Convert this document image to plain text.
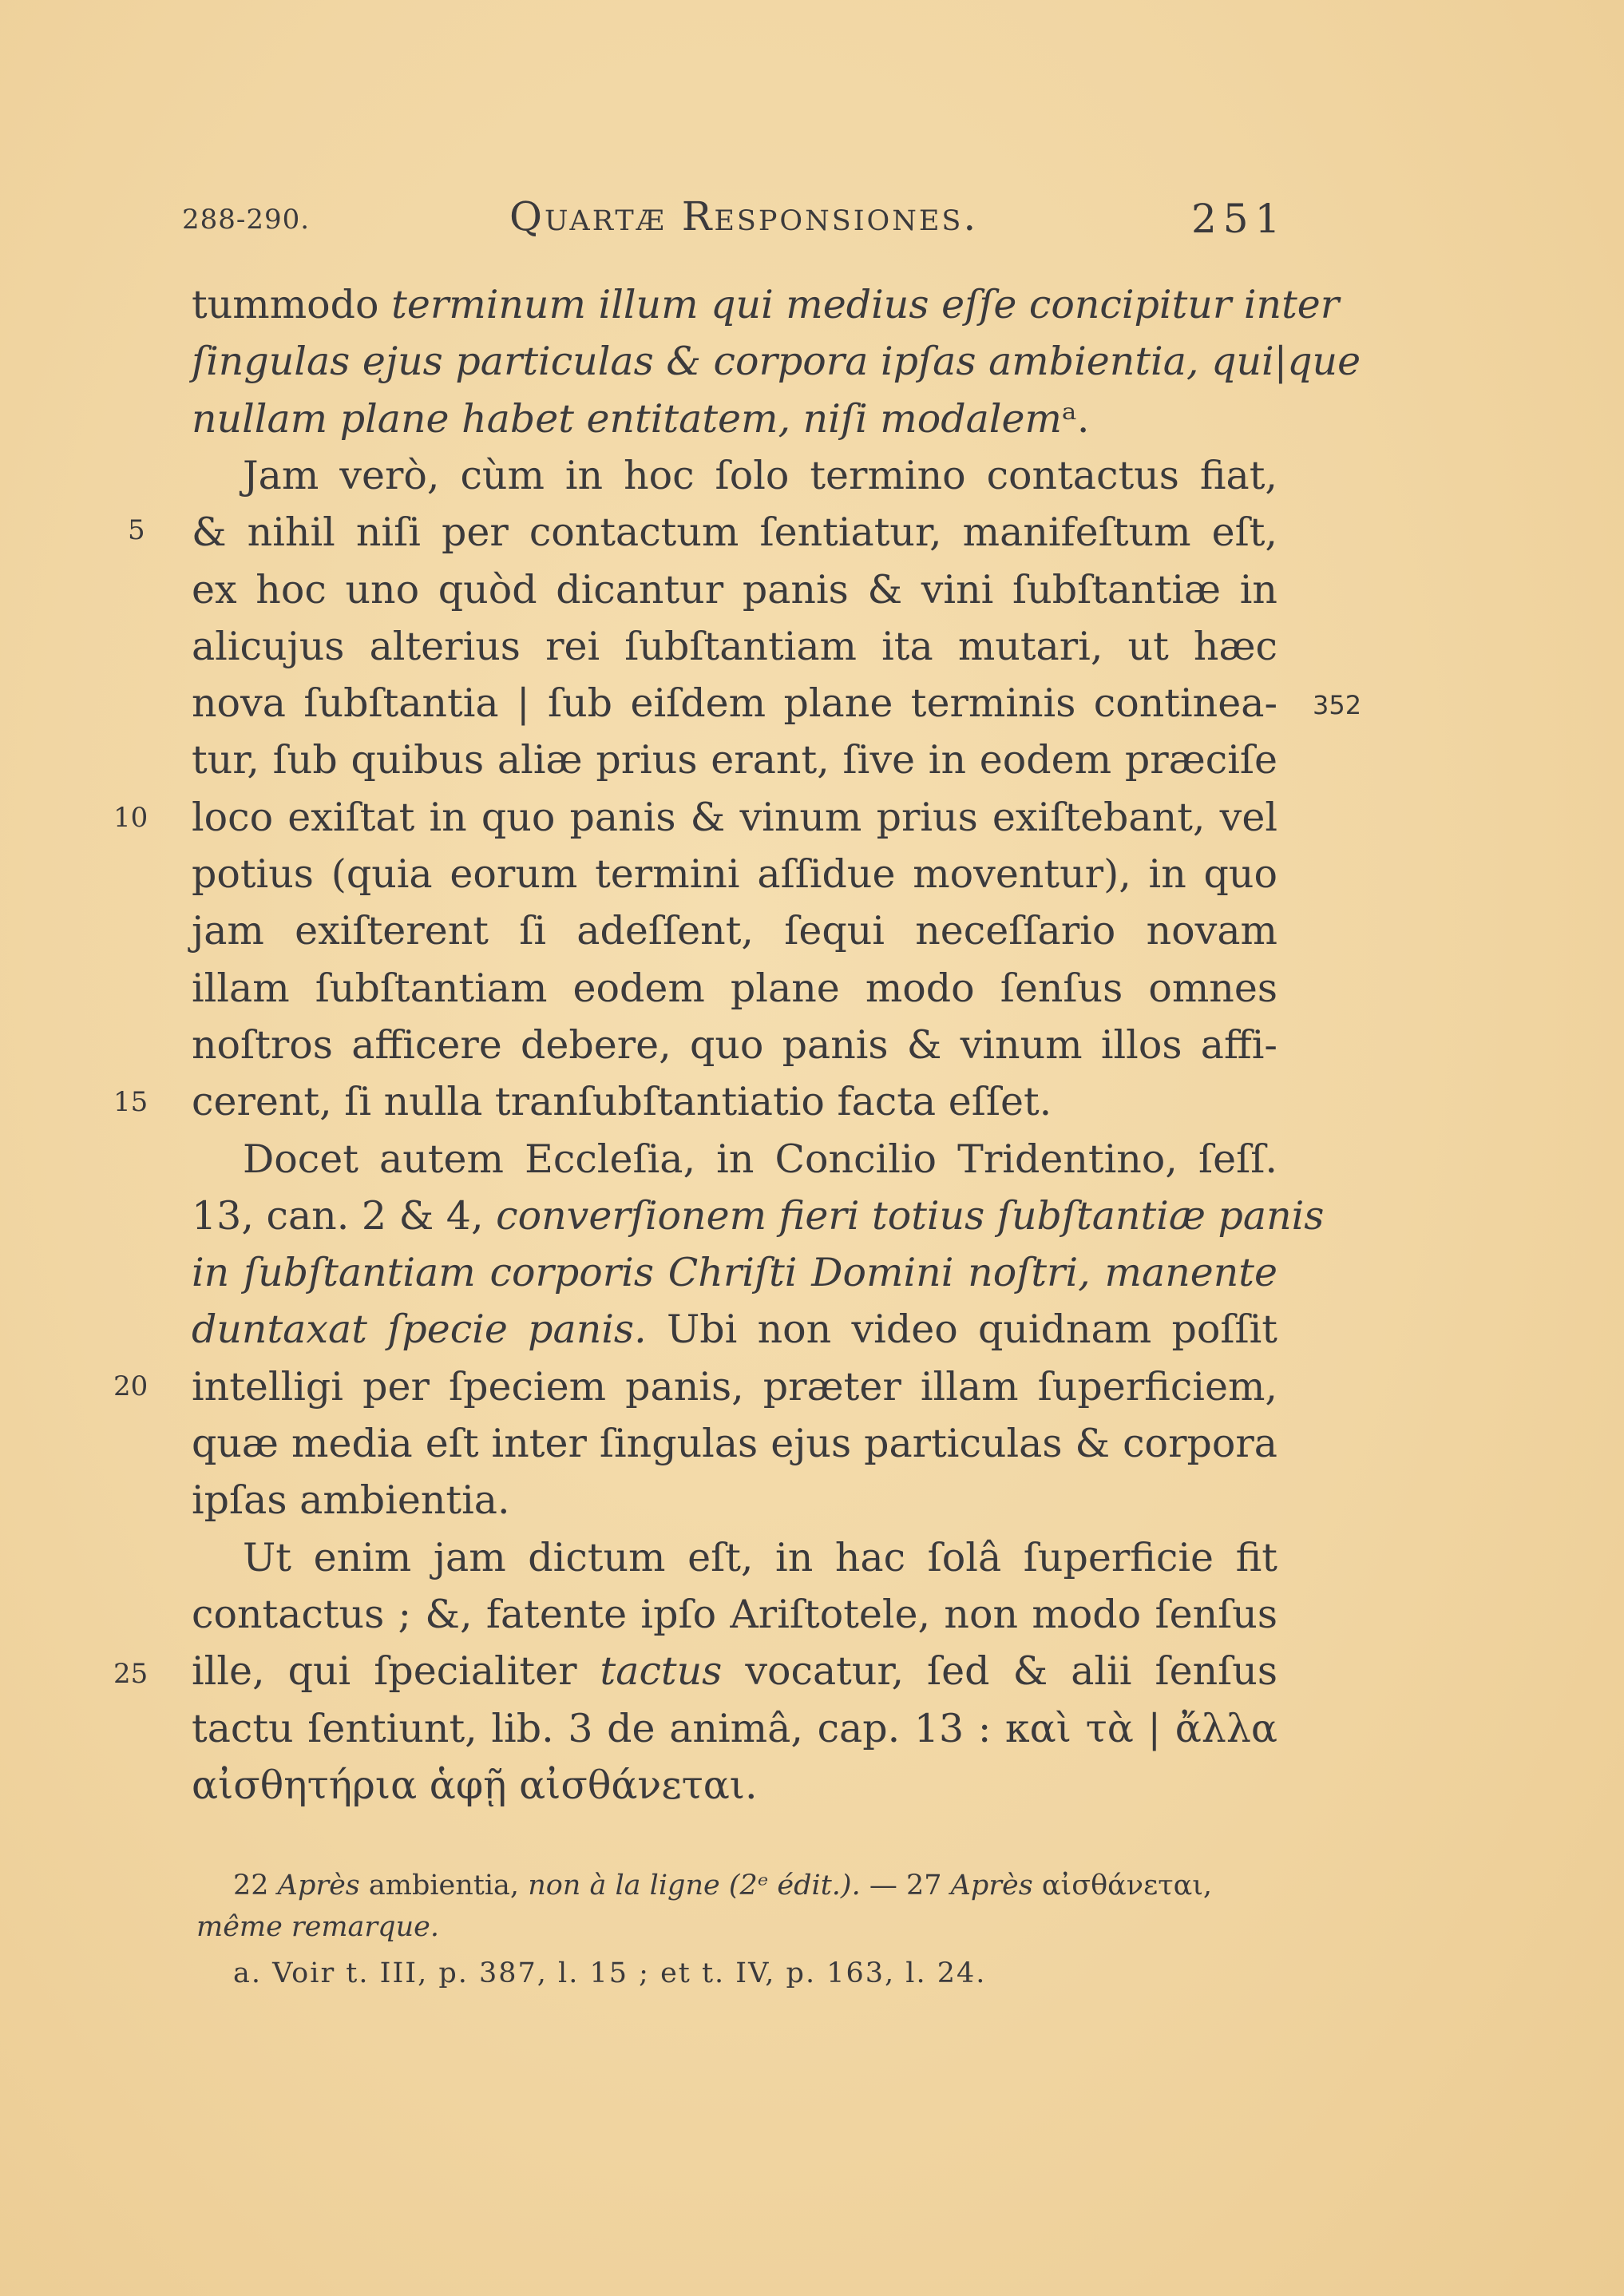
288-290.	Quartæ Responsiones.	251
5
10
15
20
25
352
tummodo terminum illum qui medius eſſe concipitur inter
ſingulas ejus particulas & corpora ipſas ambientia, qui|que
nullam plane habet entitatem, niſi modalemᵃ.
Jam verò, cùm in hoc ſolo termino contactus fiat,
& nihil niſi per contactum ſentiatur, manifeſtum eſt,
ex hoc uno quòd dicantur panis & vini ſubſtantiæ in
alicujus alterius rei ſubſtantiam ita mutari, ut hæc
nova ſubſtantia | ſub eiſdem plane terminis continea-
tur, ſub quibus aliæ prius erant, ſive in eodem præciſe
loco exiſtat in quo panis & vinum prius exiſtebant, vel
potius (quia eorum termini aſſidue moventur), in quo
jam exiſterent ſi adeſſent, ſequi neceſſario novam
illam ſubſtantiam eodem plane modo ſenſus omnes
noſtros afficere debere, quo panis & vinum illos affi-
cerent, ſi nulla tranſubſtantiatio facta eſſet.
Docet autem Eccleſia, in Concilio Tridentino, ſeſſ.
13, can. 2 & 4, converſionem fieri totius ſubſtantiæ panis
in ſubſtantiam corporis Chriſti Domini noſtri, manente
duntaxat ſpecie panis. Ubi non video quidnam poſſit
intelligi per ſpeciem panis, præter illam ſuperficiem,
quæ media eſt inter ſingulas ejus particulas & corpora
ipſas ambientia.
Ut enim jam dictum eſt, in hac ſolâ ſuperficie fit
contactus ; &, fatente ipſo Ariſtotele, non modo ſenſus
ille, qui ſpecialiter tactus vocatur, ſed & alii ſenſus
tactu ſentiunt, lib. 3 de animâ, cap. 13 : καὶ τὰ | ἄλλα
αἰσθητήρια ἁφῇ αἰσθάνεται.
22 Après ambientia, non à la ligne (2ᵉ édit.). — 27 Après αἰσθάνεται,
même remarque.
a. Voir t. III, p. 387, l. 15 ; et t. IV, p. 163, l. 24.
